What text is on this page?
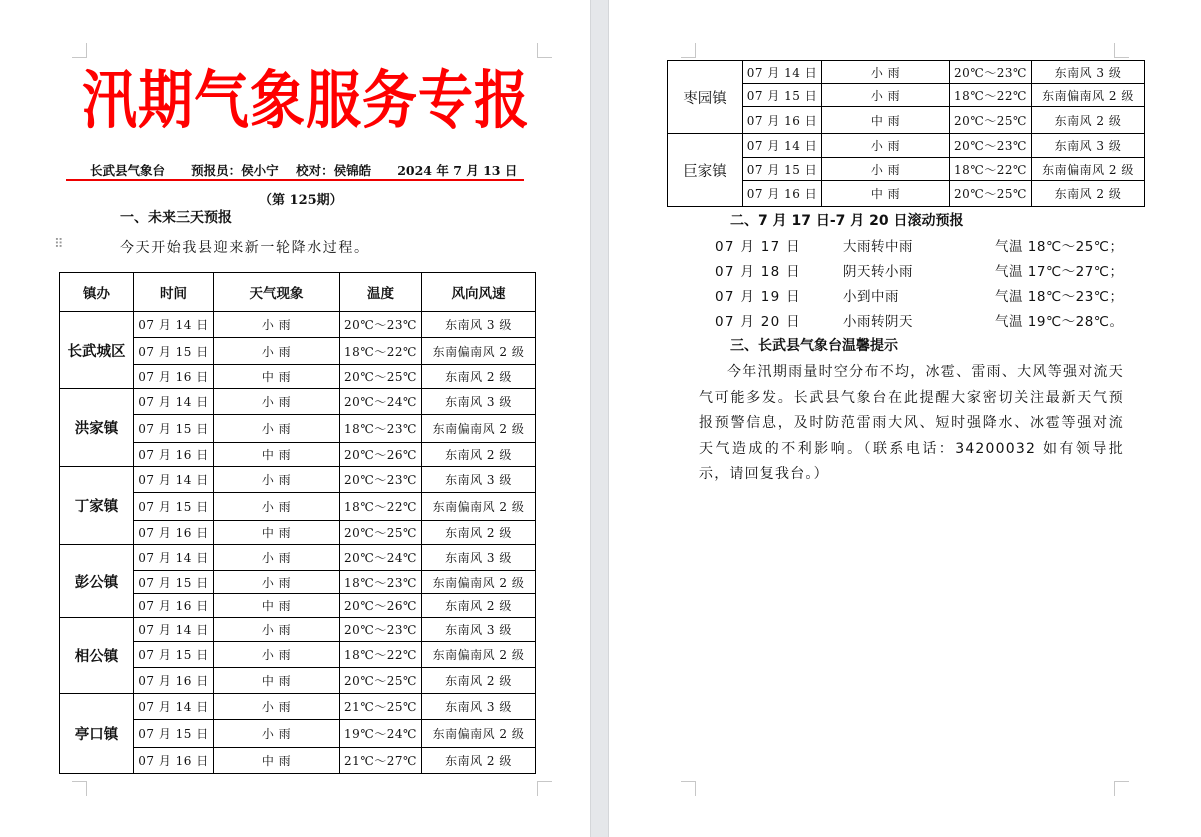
汛期气象服务专报
长武县气象台 预报员：侯小宁 校对：侯锦皓 2024 年 7 月 13 日
（第 125期）
一、未来三天预报
⠿	今天开始我县迎来新一轮降水过程。
镇办	时间	天气现象	温度	风向风速
长武城区	07 月 14 日	小 雨	20℃～23℃	东南风 3 级
	07 月 15 日	小 雨	18℃～22℃	东南偏南风 2 级
	07 月 16 日	中 雨	20℃～25℃	东南风 2 级
洪家镇	07 月 14 日	小 雨	20℃～24℃	东南风 3 级
	07 月 15 日	小 雨	18℃～23℃	东南偏南风 2 级
	07 月 16 日	中 雨	20℃～26℃	东南风 2 级
丁家镇	07 月 14 日	小 雨	20℃～23℃	东南风 3 级
	07 月 15 日	小 雨	18℃～22℃	东南偏南风 2 级
	07 月 16 日	中 雨	20℃～25℃	东南风 2 级
彭公镇	07 月 14 日	小 雨	20℃～24℃	东南风 3 级
	07 月 15 日	小 雨	18℃～23℃	东南偏南风 2 级
	07 月 16 日	中 雨	20℃～26℃	东南风 2 级
相公镇	07 月 14 日	小 雨	20℃～23℃	东南风 3 级
	07 月 15 日	小 雨	18℃～22℃	东南偏南风 2 级
	07 月 16 日	中 雨	20℃～25℃	东南风 2 级
亭口镇	07 月 14 日	小 雨	21℃～25℃	东南风 3 级
	07 月 15 日	小 雨	19℃～24℃	东南偏南风 2 级
	07 月 16 日	中 雨	21℃～27℃	东南风 2 级
枣园镇	07 月 14 日	小 雨	20℃～23℃	东南风 3 级
	07 月 15 日	小 雨	18℃～22℃	东南偏南风 2 级
	07 月 16 日	中 雨	20℃～25℃	东南风 2 级
巨家镇	07 月 14 日	小 雨	20℃～23℃	东南风 3 级
	07 月 15 日	小 雨	18℃～22℃	东南偏南风 2 级
	07 月 16 日	中 雨	20℃～25℃	东南风 2 级
二、7 月 17 日-7 月 20 日滚动预报
07 月 17 日	大雨转中雨	气温 18℃～25℃；
07 月 18 日	阴天转小雨	气温 17℃～27℃；
07 月 19 日	小到中雨	气温 18℃～23℃；
07 月 20 日	小雨转阴天	气温 19℃～28℃。
三、长武县气象台温馨提示
今年汛期雨量时空分布不均，冰雹、雷雨、大风等强对流天气可能多发。长武县气象台在此提醒大家密切关注最新天气预报预警信息，及时防范雷雨大风、短时强降水、冰雹等强对流天气造成的不利影响。（联系电话：34200032 如有领导批示，请回复我台。）
